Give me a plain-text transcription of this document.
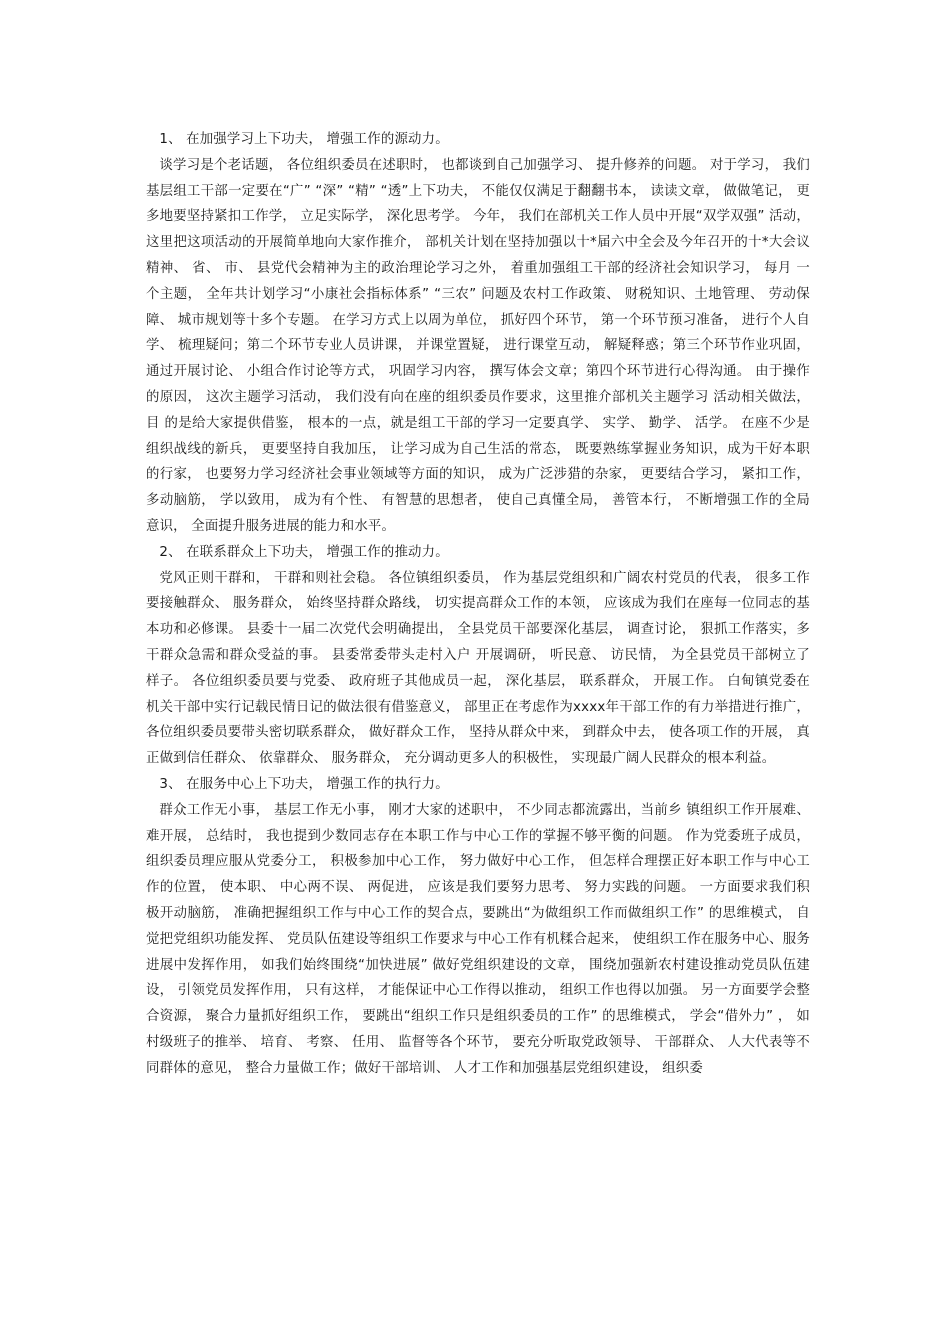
1、 在加强学习上下功夫， 增强工作的源动力。

谈学习是个老话题， 各位组织委员在述职时， 也都谈到自己加强学习、 提升修养的问题。 对于学习， 我们基层组工干部一定要在“广” “深” “精” “透”上下功夫， 不能仅仅满足于翻翻书本， 读读文章， 做做笔记， 更多地要坚持紧扣工作学， 立足实际学， 深化思考学。 今年， 我们在部机关工作人员中开展“双学双强” 活动， 这里把这项活动的开展简单地向大家作推介， 部机关计划在坚持加强以十*届六中全会及今年召开的十*大会议精神、 省、 市、 县党代会精神为主的政治理论学习之外， 着重加强组工干部的经济社会知识学习， 每月 一个主题， 全年共计划学习“小康社会指标体系” “三农” 问题及农村工作政策、 财税知识、土地管理、 劳动保障、 城市规划等十多个专题。 在学习方式上以周为单位， 抓好四个环节， 第一个环节预习准备， 进行个人自学、 梳理疑问；第二个环节专业人员讲课， 并课堂置疑， 进行课堂互动， 解疑释惑；第三个环节作业巩固， 通过开展讨论、 小组合作讨论等方式， 巩固学习内容， 撰写体会文章；第四个环节进行心得沟通。 由于操作的原因， 这次主题学习活动， 我们没有向在座的组织委员作要求，这里推介部机关主题学习 活动相关做法， 目 的是给大家提供借鉴， 根本的一点，就是组工干部的学习一定要真学、 实学、 勤学、 活学。 在座不少是组织战线的新兵， 更要坚持自我加压， 让学习成为自己生活的常态， 既要熟练掌握业务知识，成为干好本职的行家， 也要努力学习经济社会事业领域等方面的知识， 成为广泛涉猎的杂家， 更要结合学习， 紧扣工作， 多动脑筋， 学以致用， 成为有个性、 有智慧的思想者， 使自己真懂全局， 善管本行， 不断增强工作的全局意识， 全面提升服务进展的能力和水平。

2、 在联系群众上下功夫， 增强工作的推动力。

党风正则干群和， 干群和则社会稳。 各位镇组织委员， 作为基层党组织和广阔农村党员的代表， 很多工作要接触群众、 服务群众， 始终坚持群众路线， 切实提高群众工作的本领， 应该成为我们在座每一位同志的基本功和必修课。 县委十一届二次党代会明确提出， 全县党员干部要深化基层， 调查讨论， 狠抓工作落实，多干群众急需和群众受益的事。 县委常委带头走村入户 开展调研， 听民意、 访民情， 为全县党员干部树立了 样子。 各位组织委员要与党委、 政府班子其他成员一起， 深化基层， 联系群众， 开展工作。 白甸镇党委在机关干部中实行记载民情日记的做法很有借鉴意义， 部里正在考虑作为xxxx年干部工作的有力举措进行推广，各位组织委员要带头密切联系群众， 做好群众工作， 坚持从群众中来， 到群众中去， 使各项工作的开展， 真正做到信任群众、 依靠群众、 服务群众， 充分调动更多人的积极性， 实现最广阔人民群众的根本利益。

3、 在服务中心上下功夫， 增强工作的执行力。

群众工作无小事， 基层工作无小事， 刚才大家的述职中， 不少同志都流露出，当前乡 镇组织工作开展难、 难开展， 总结时， 我也提到少数同志存在本职工作与中心工作的掌握不够平衡的问题。 作为党委班子成员， 组织委员理应服从党委分工， 积极参加中心工作， 努力做好中心工作， 但怎样合理摆正好本职工作与中心工作的位置， 使本职、 中心两不误、 两促进， 应该是我们要努力思考、 努力实践的问题。 一方面要求我们积极开动脑筋， 准确把握组织工作与中心工作的契合点，要跳出“为做组织工作而做组织工作” 的思维模式， 自觉把党组织功能发挥、 党员队伍建设等组织工作要求与中心工作有机糅合起来， 使组织工作在服务中心、服务进展中发挥作用， 如我们始终围绕“加快进展” 做好党组织建设的文章， 围绕加强新农村建设推动党员队伍建设， 引领党员发挥作用， 只有这样， 才能保证中心工作得以推动， 组织工作也得以加强。 另一方面要学会整合资源， 聚合力量抓好组织工作， 要跳出“组织工作只是组织委员的工作” 的思维模式， 学会“借外力” ， 如村级班子的推举、 培育、 考察、 任用、 监督等各个环节， 要充分听取党政领导、 干部群众、 人大代表等不同群体的意见， 整合力量做工作；做好干部培训、 人才工作和加强基层党组织建设， 组织委
